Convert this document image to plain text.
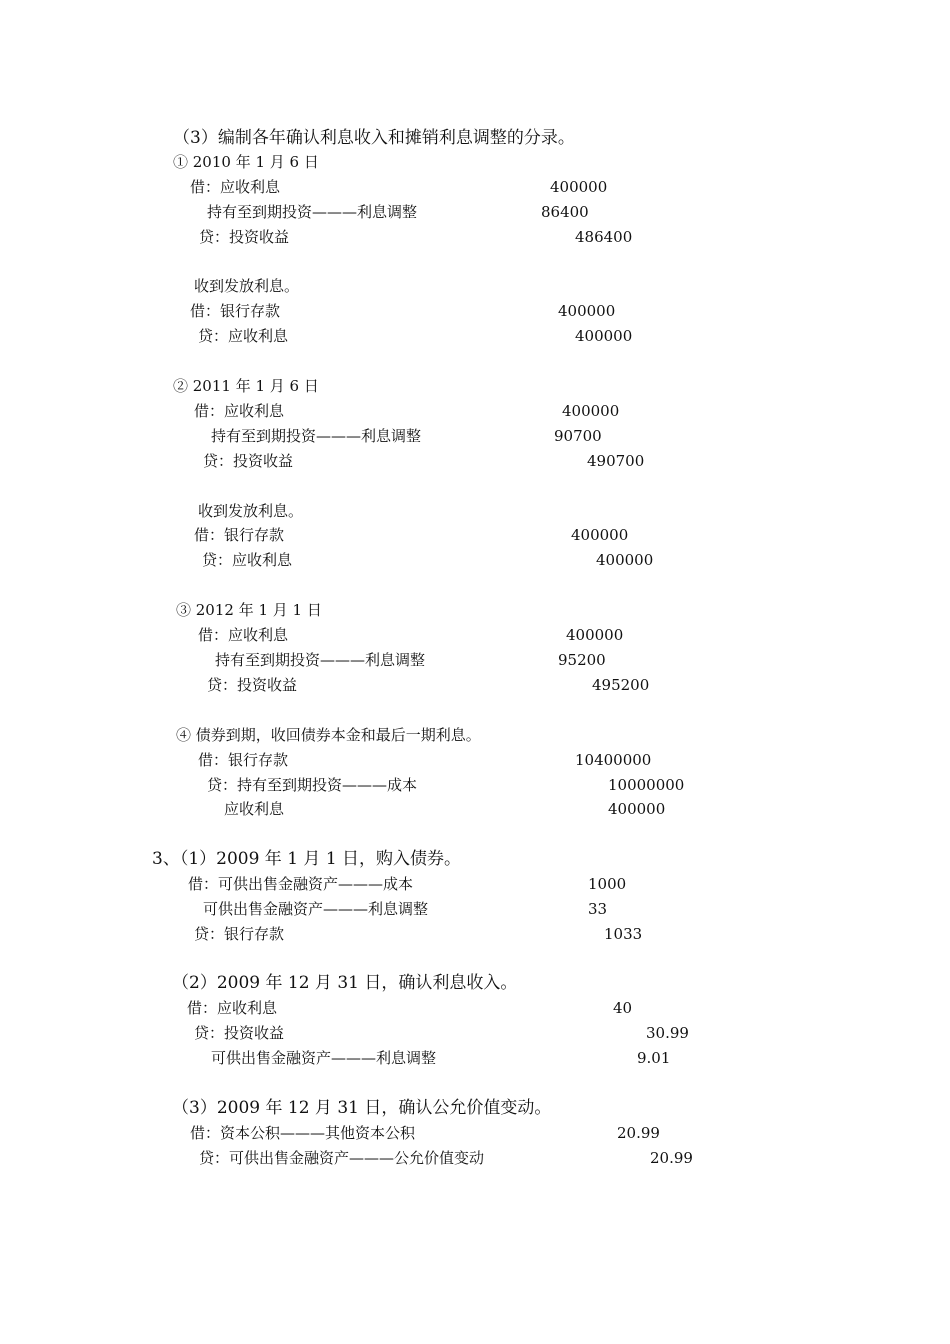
（3）编制各年确认利息收入和摊销利息调整的分录。
① 2010 年 1 月 6 日
借：应收利息	400000
持有至到期投资———利息调整	86400
贷：投资收益	486400
收到发放利息。
借：银行存款	400000
贷：应收利息	400000
② 2011 年 1 月 6 日
借：应收利息	400000
持有至到期投资———利息调整	90700
贷：投资收益	490700
收到发放利息。
借：银行存款	400000
贷：应收利息	400000
③ 2012 年 1 月 1 日
借：应收利息	400000
持有至到期投资———利息调整	95200
贷：投资收益	495200
④ 债券到期，收回债券本金和最后一期利息。
借：银行存款	10400000
贷：持有至到期投资———成本	10000000
应收利息	400000
3、（1）2009 年 1 月 1 日，购入债券。
借：可供出售金融资产———成本	1000
可供出售金融资产———利息调整	33
贷：银行存款	1033
（2）2009 年 12 月 31 日，确认利息收入。
借：应收利息	40
贷：投资收益	30.99
可供出售金融资产———利息调整	9.01
（3）2009 年 12 月 31 日，确认公允价值变动。
借：资本公积———其他资本公积	20.99
贷：可供出售金融资产———公允价值变动	20.99
